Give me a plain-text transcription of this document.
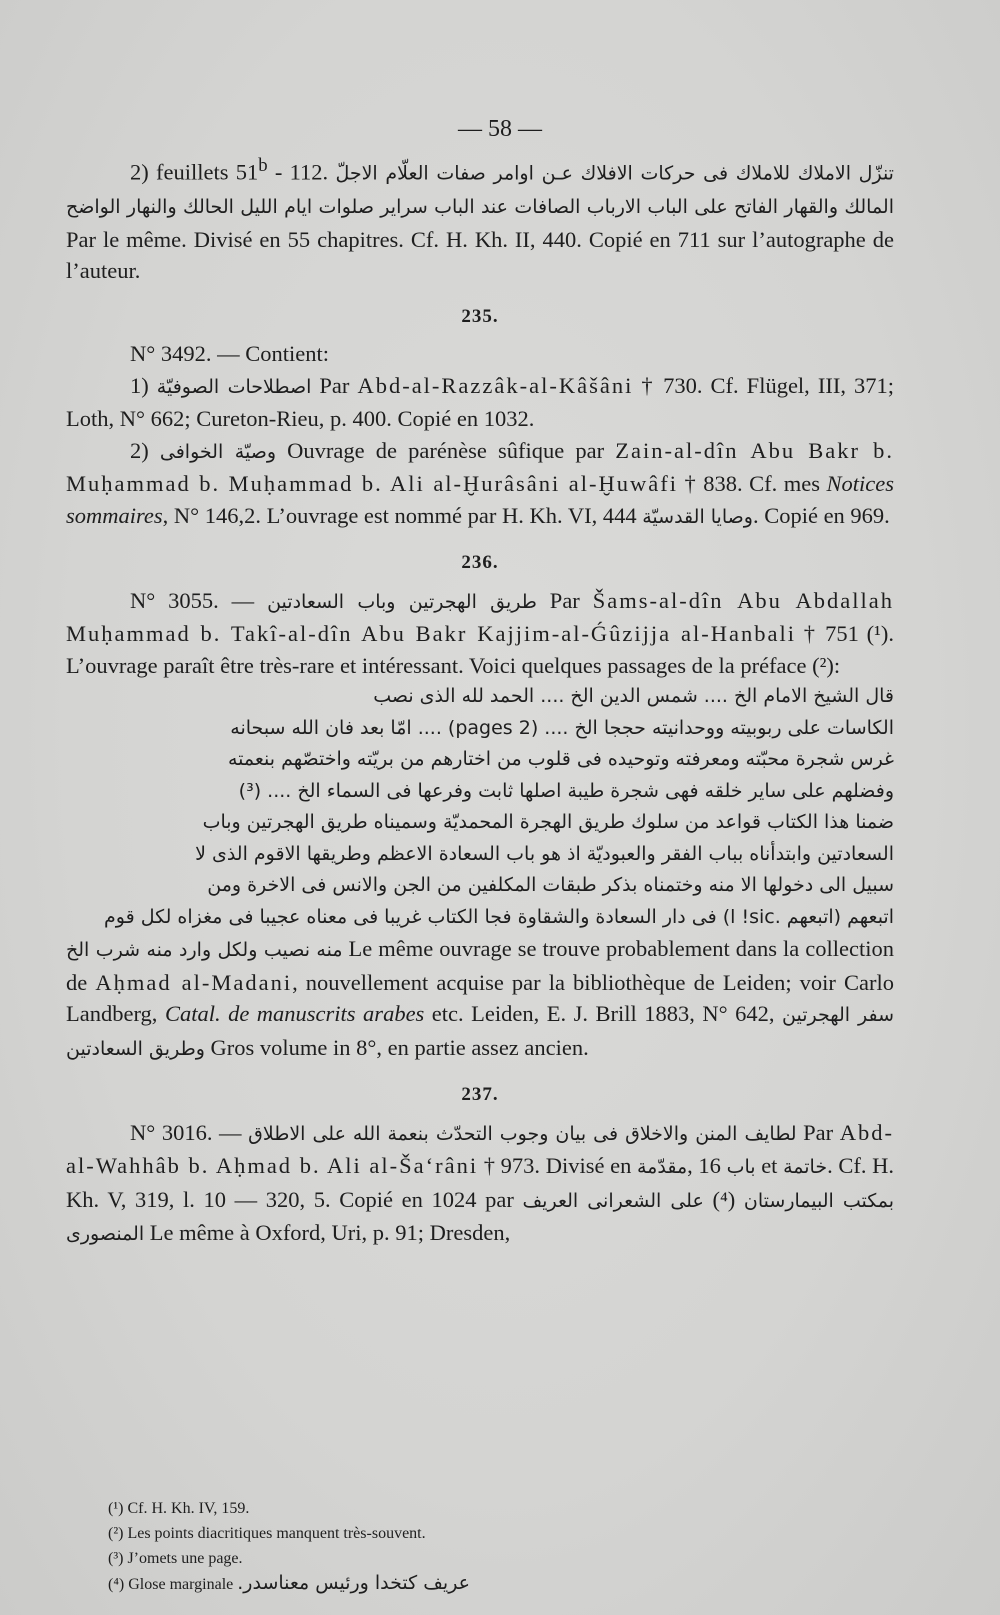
— 58 —

2) feuillets 51$^b$ - 112. تنزّل الاملاك للاملاك فى حركات الافلاك عـن اوامر صفات العلّام الاجلّ المالك والقهار الفاتح على الباب الارباب الصافات عند الباب سراير صلوات ايام الليل الحالك والنهار الواضح Par le même. Divisé en 55 chapitres. Cf. H. Kh. II, 440. Copié en 711 sur l’autographe de l’auteur.

235.

N° 3492. — Contient:

1) اصطلاحات الصوفيّة Par Abd-al-Razzâk-al-Kâšâni † 730. Cf. Flügel, III, 371; Loth, N° 662; Cureton-Rieu, p. 400. Copié en 1032.

2) وصيّة الخوافى Ouvrage de parénèse sûfique par Zain-al-dîn Abu Bakr b. Muḥammad b. Muḥammad b. Ali al-Ḫurâsâni al-Ḫuwâfi † 838. Cf. mes Notices sommaires, N° 146,2. L’ouvrage est nommé par H. Kh. VI, 444 وصايا القدسيّة. Copié en 969.

236.

N° 3055. — طريق الهجرتين وباب السعادتين Par Šams-al-dîn Abu Abdallah Muḥammad b. Takî-al-dîn Abu Bakr Kajjim-al-Ǵûzijja al-Hanbali † 751 (¹). L’ouvrage paraît être très-rare et intéressant. Voici quelques passages de la préface (²):

قال الشيخ الامام الخ .... شمس الدين الخ .... الحمد لله الذى نصب

الكاسات على ربوبيته ووحدانيته حججا الخ .... (2 pages) .... امّا بعد فان الله سبحانه

غرس شجرة محبّته ومعرفته وتوحيده فى قلوب من اختارهم من بريّته واختصّهم بنعمته

وفضلهم على ساير خلقه فهى شجرة طيبة اصلها ثابت وفرعها فى السماء الخ .... (³)

ضمنا هذا الكتاب قواعد من سلوك طريق الهجرة المحمديّة وسميناه طريق الهجرتين وباب

السعادتين وابتدأناه بباب الفقر والعبوديّة اذ هو باب السعادة الاعظم وطريقها الاقوم الذى لا

سبيل الى دخولها الا منه وختمناه بذكر طبقات المكلفين من الجن والانس فى الاخرة ومن

اتبعهم (اتبعهم .l !sic) فى دار السعادة والشقاوة فجا الكتاب غريبا فى معناه عجيبا فى مغزاه لكل قوم

منه نصيب ولكل وارد منه شرب الخ Le même ouvrage se trouve probablement dans la collection de Aḥmad al-Madani, nouvellement acquise par la bibliothèque de Leiden; voir Carlo Landberg, Catal. de manuscrits arabes etc. Leiden, E. J. Brill 1883, N° 642, سفر الهجرتين وطريق السعادتين Gros volume in 8°, en partie assez ancien.

237.

N° 3016. — لطايف المنن والاخلاق فى بيان وجوب التحدّث بنعمة الله على الاطلاق Par Abd-al-Wahhâb b. Aḥmad b. Ali al-Ša‘râni † 973. Divisé en مقدّمة, 16 باب et خاتمة. Cf. H. Kh. V, 319, l. 10 — 320, 5. Copié en 1024 par على الشعرانى العريف (⁴) بمكتب البيمارستان المنصورى Le même à Oxford, Uri, p. 91; Dresden,

(¹) Cf. H. Kh. IV, 159.

(²) Les points diacritiques manquent très-souvent.

(³) J’omets une page.

(⁴) Glose marginale عريف كتخدا ورئيس معناسدر.
